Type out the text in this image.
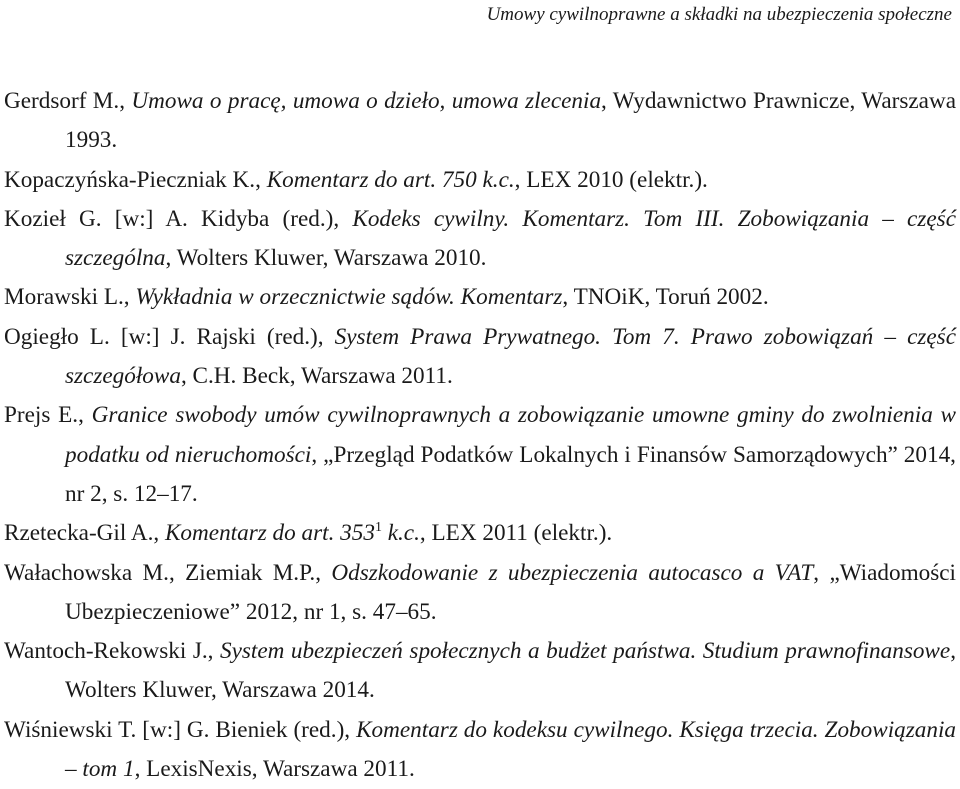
Umowy cywilnoprawne a składki na ubezpieczenia społeczne
Gerdsorf M., Umowa o pracę, umowa o dzieło, umowa zlecenia, Wydawnictwo Prawnicze, Warszawa 1993.
Kopaczyńska-Pieczniak K., Komentarz do art. 750 k.c., LEX 2010 (elektr.).
Kozieł G. [w:] A. Kidyba (red.), Kodeks cywilny. Komentarz. Tom III. Zobowiązania – część szczególna, Wolters Kluwer, Warszawa 2010.
Morawski L., Wykładnia w orzecznictwie sądów. Komentarz, TNOiK, Toruń 2002.
Ogiegło L. [w:] J. Rajski (red.), System Prawa Prywatnego. Tom 7. Prawo zobowiązań – część szczegółowa, C.H. Beck, Warszawa 2011.
Prejs E., Granice swobody umów cywilnoprawnych a zobowiązanie umowne gminy do zwolnienia w podatku od nieruchomości, „Przegląd Podatków Lokalnych i Finansów Samorządowych” 2014, nr 2, s. 12–17.
Rzetecka-Gil A., Komentarz do art. $353^1$ k.c., LEX 2011 (elektr.).
Wałachowska M., Ziemiak M.P., Odszkodowanie z ubezpieczenia autocasco a VAT, „Wiadomości Ubezpieczeniowe” 2012, nr 1, s. 47–65.
Wantoch-Rekowski J., System ubezpieczeń społecznych a budżet państwa. Studium prawnofinansowe, Wolters Kluwer, Warszawa 2014.
Wiśniewski T. [w:] G. Bieniek (red.), Komentarz do kodeksu cywilnego. Księga trzecia. Zobowiązania – tom 1, LexisNexis, Warszawa 2011.
